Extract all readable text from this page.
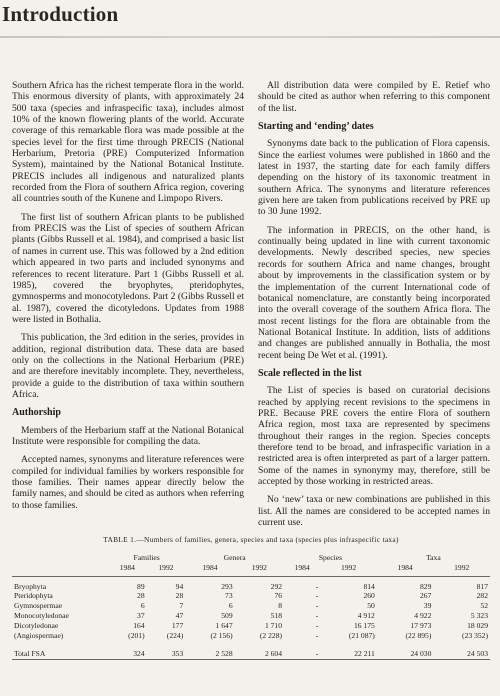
Introduction

Southern Africa has the richest temperate flora in the world. This enormous diversity of plants, with approximately 24 500 taxa (species and infraspecific taxa), includes almost 10% of the known flowering plants of the world. Accurate coverage of this remarkable flora was made possible at the species level for the first time through PRECIS (National Herbarium, Pretoria (PRE) Computerized Information System), maintained by the National Botanical Institute. PRECIS includes all indigenous and naturalized plants recorded from the Flora of southern Africa region, covering all countries south of the Kunene and Limpopo Rivers.

The first list of southern African plants to be published from PRECIS was the List of species of southern African plants (Gibbs Russell et al. 1984), and comprised a basic list of names in current use. This was followed by a 2nd edition which appeared in two parts and included synonyms and references to recent literature. Part 1 (Gibbs Russell et al. 1985), covered the bryophytes, pteridophytes, gymnosperms and monocotyledons. Part 2 (Gibbs Russell et al. 1987), covered the dicotyledons. Updates from 1988 were listed in Bothalia.

This publication, the 3rd edition in the series, provides in addition, regional distribution data. These data are based only on the collections in the National Herbarium (PRE) and are therefore inevitably incomplete. They, nevertheless, provide a guide to the distribution of taxa within southern Africa.

Authorship

Members of the Herbarium staff at the National Botanical Institute were responsible for compiling the data.

Accepted names, synonyms and literature references were compiled for individual families by workers responsible for those families. Their names appear directly below the family names, and should be cited as authors when referring to those families.

All distribution data were compiled by E. Retief who should be cited as author when referring to this component of the list.

Starting and ‘ending’ dates

Synonyms date back to the publication of Flora capensis. Since the earliest volumes were published in 1860 and the latest in 1937, the starting date for each family differs depending on the history of its taxonomic treatment in southern Africa. The synonyms and literature references given here are taken from publications received by PRE up to 30 June 1992.

The information in PRECIS, on the other hand, is continually being updated in line with current taxonomic developments. Newly described species, new species records for southern Africa and name changes, brought about by improvements in the classification system or by the implementation of the current International code of botanical nomenclature, are constantly being incorporated into the overall coverage of the southern Africa flora. The most recent listings for the flora are obtainable from the National Botanical Institute. In addition, lists of additions and changes are published annually in Bothalia, the most recent being De Wet et al. (1991).

Scale reflected in the list

The List of species is based on curatorial decisions reached by applying recent revisions to the specimens in PRE. Because PRE covers the entire Flora of southern Africa region, most taxa are represented by specimens throughout their ranges in the region. Species concepts therefore tend to be broad, and infraspecific variation in a restricted area is often interpreted as part of a larger pattern. Some of the names in synonymy may, therefore, still be accepted by those working in restricted areas.

No ‘new’ taxa or new combinations are published in this list. All the names are considered to be accepted names in current use.

TABLE 1.—Numbers of families, genera, species and taxa (species plus infraspecific taxa)
	Families		Genera		Species		Taxa	
	1984	1992	1984	1992	1984	1992	1984	1992

Bryophyta	89	94	293	292	-	814	829	817
Pteridophyta	28	28	73	76	-	260	267	282
Gymnospermae	6	7	6	8	-	50	39	52
Monocotyledonae	37	47	509	518	-	4 912	4 922	5 323
Dicotyledonae	164	177	1 647	1 710	-	16 175	17 973	18 029
(Angiospermae)	(201)	(224)	(2 156)	(2 228)	-	(21 087)	(22 895)	(23 352)

Total FSA	324	353	2 528	2 604	-	22 211	24 030	24 503
